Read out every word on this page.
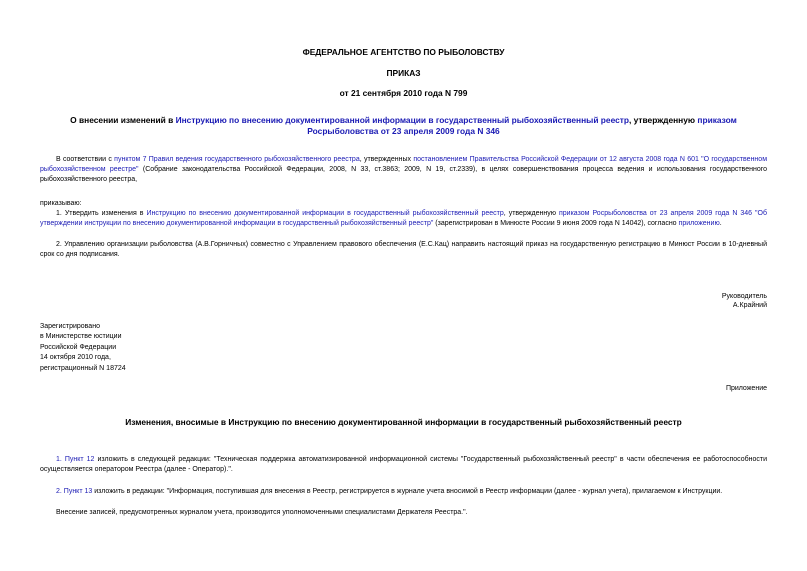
ФЕДЕРАЛЬНОЕ АГЕНТСТВО ПО РЫБОЛОВСТВУ
ПРИКАЗ
от 21 сентября 2010 года N 799
О внесении изменений в Инструкцию по внесению документированной информации в государственный рыбохозяйственный реестр, утвержденную приказом Росрыболовства от 23 апреля 2009 года N 346
В соответствии с пунктом 7 Правил ведения государственного рыбохозяйственного реестра, утвержденных постановлением Правительства Российской Федерации от 12 августа 2008 года N 601 "О государственном рыбохозяйственном реестре" (Собрание законодательства Российской Федерации, 2008, N 33, ст.3863; 2009, N 19, ст.2339), в целях совершенствования процесса ведения и использования государственного рыбохозяйственного реестра,
приказываю:
1. Утвердить изменения в Инструкцию по внесению документированной информации в государственный рыбохозяйственный реестр, утвержденную приказом Росрыболовства от 23 апреля 2009 года N 346 "Об утверждении инструкции по внесению документированной информации в государственный рыбохозяйственный реестр" (зарегистрирован в Минюсте России 9 июня 2009 года N 14042), согласно приложению.
2. Управлению организации рыболовства (А.В.Горничных) совместно с Управлением правового обеспечения (Е.С.Кац) направить настоящий приказ на государственную регистрацию в Минюст России в 10-дневный срок со дня подписания.
Руководитель
А.Крайний
Зарегистрировано
в Министерстве юстиции
Российской Федерации
14 октября 2010 года,
регистрационный N 18724
Приложение
Изменения, вносимые в Инструкцию по внесению документированной информации в государственный рыбохозяйственный реестр
1. Пункт 12 изложить в следующей редакции: "Техническая поддержка автоматизированной информационной системы "Государственный рыбохозяйственный реестр" в части обеспечения ее работоспособности осуществляется оператором Реестра (далее - Оператор).".
2. Пункт 13 изложить в редакции: "Информация, поступившая для внесения в Реестр, регистрируется в журнале учета вносимой в Реестр информации (далее - журнал учета), прилагаемом к Инструкции.
Внесение записей, предусмотренных журналом учета, производится уполномоченными специалистами Держателя Реестра.".
